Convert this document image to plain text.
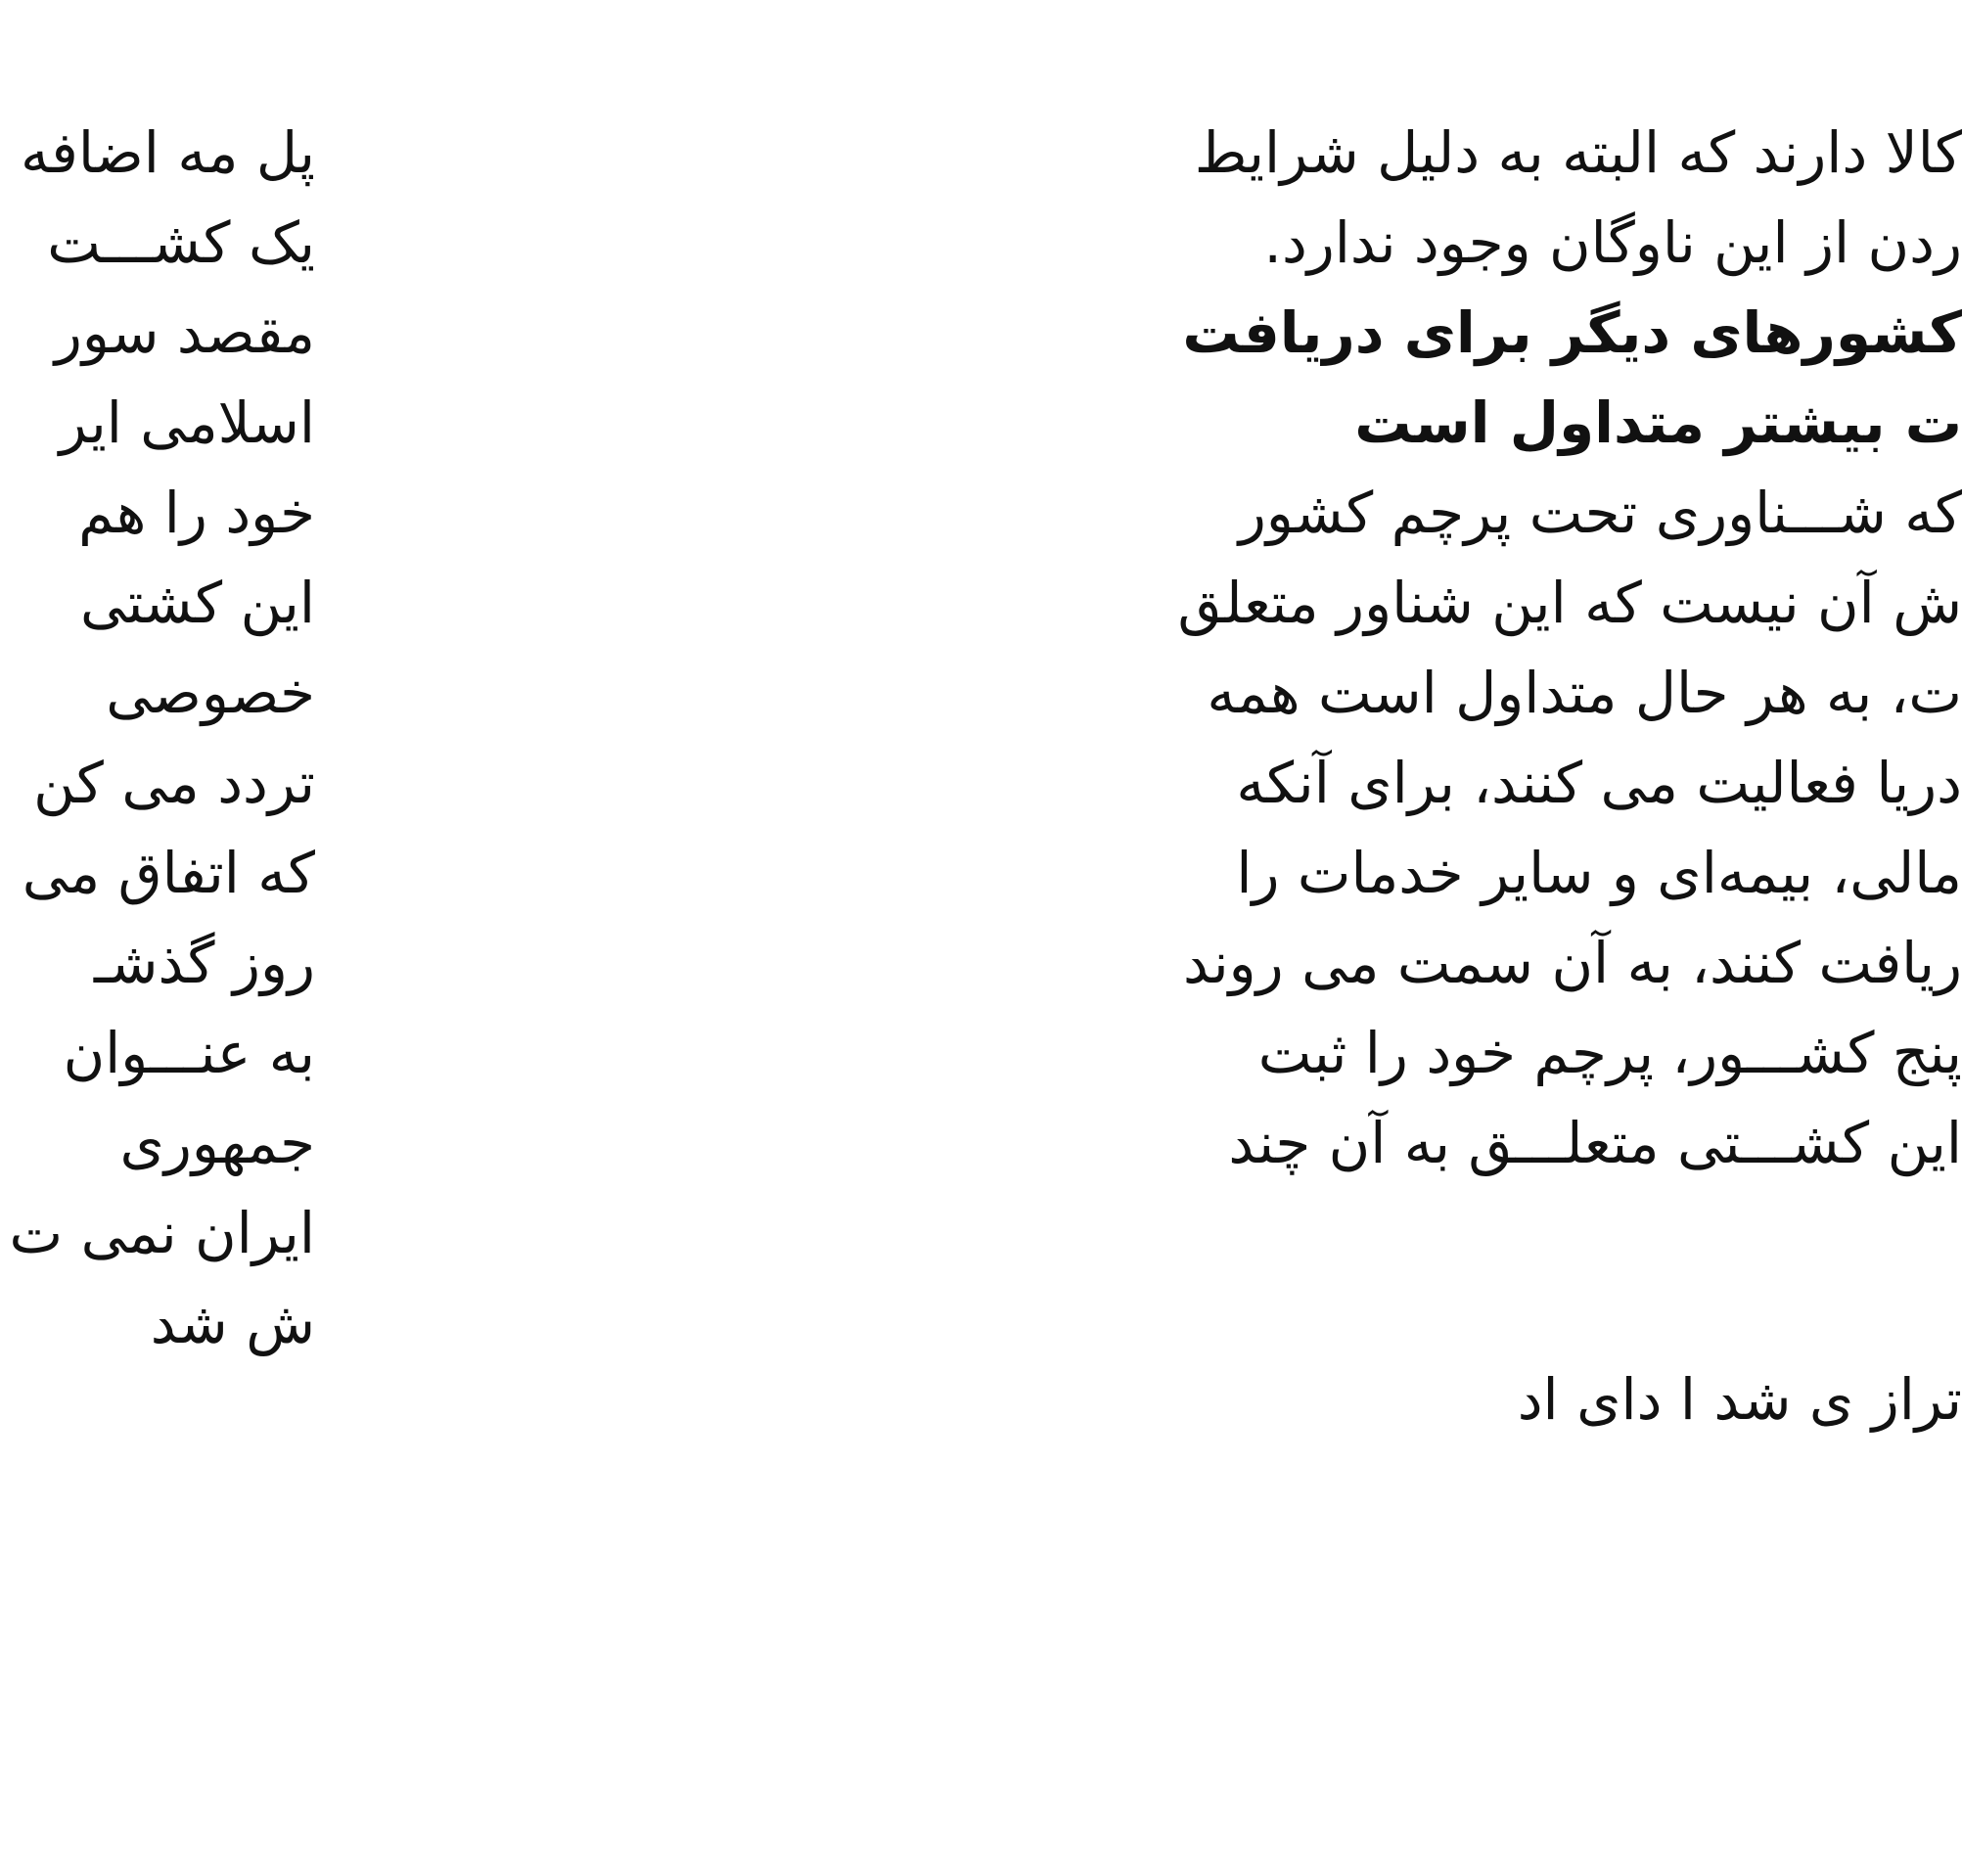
کالا دارند که البته به دلیل شرایط
ردن از این ناوگان وجود ندارد.
کشورهای دیگر برای دریافت
ت بیشتر متداول است
که شـــناوری تحت پرچم کشور
ش آن نیست که این شناور متعلق
ت، به هر حال متداول است همه
دریا فعالیت می کنند، برای آنکه
مالی، بیمه‌ای و سایر خدمات را
ریافت کنند، به آن سمت می روند
پنج کشـــور، پرچم خود را ثبت
این کشـــتی متعلـــق به آن چند
تراز ی شد ا دای اد
پل مه اضافه
یک کشـــت
مقصد سور
اسلامی ایر
خود را هم
این کشتی
خصوصی
تردد می کن
که اتفاق می
روز گذشـ
به عنـــوان
جمهوری
ایران نمی ت
ش شد
